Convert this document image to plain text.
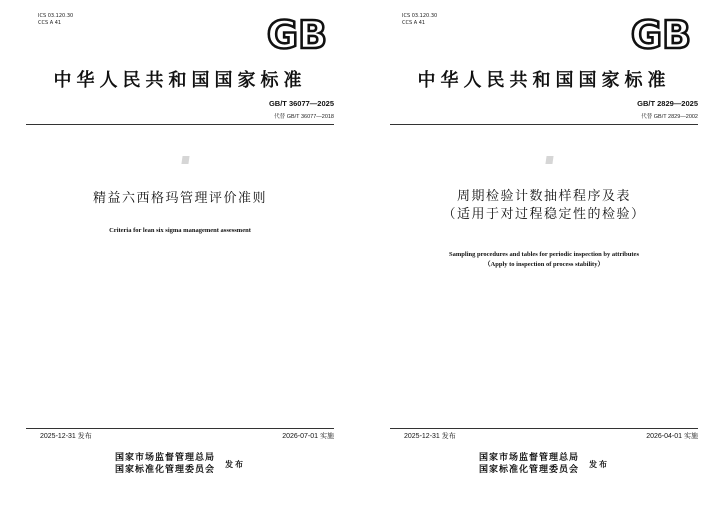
ICS 03.120.30
CCS A 41	GB
中华人民共和国国家标准
GB/T 36077—2025
代替 GB/T 36077—2018
精益六西格玛管理评价准则
Criteria for lean six sigma management assessment
2025-12-31 发布	2026-07-01 实施
国家市场监督管理总局
国家标准化管理委员会
发布
ICS 03.120.30
CCS A 41	GB
中华人民共和国国家标准
GB/T 2829—2025
代替 GB/T 2829—2002
周期检验计数抽样程序及表
（适用于对过程稳定性的检验）
Sampling procedures and tables for periodic inspection by attributes
（Apply to inspection of process stability）
2025-12-31 发布	2026-04-01 实施
国家市场监督管理总局
国家标准化管理委员会
发布
